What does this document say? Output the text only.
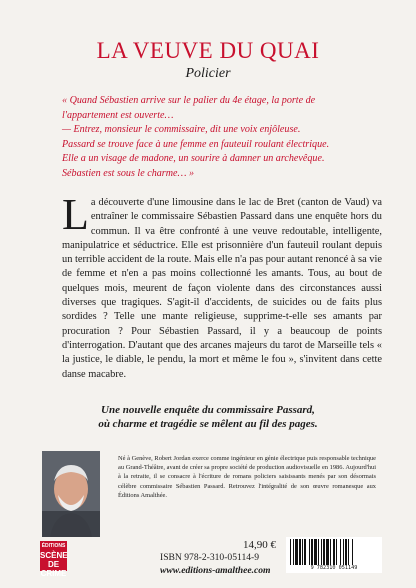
LA VEUVE DU QUAI
Policier
« Quand Sébastien arrive sur le palier du 4e étage, la porte de
l'appartement est ouverte…
— Entrez, monsieur le commissaire, dit une voix enjôleuse.
Passard se trouve face à une femme en fauteuil roulant électrique.
Elle a un visage de madone, un sourire à damner un archevêque.
Sébastien est sous le charme… »
La découverte d'une limousine dans le lac de Bret (canton de Vaud) va entraîner le commissaire Sébastien Passard dans une enquête hors du commun. Il va être confronté à une veuve redoutable, intelligente, manipulatrice et séductrice. Elle est prisonnière d'un fauteuil roulant depuis un terrible accident de la route. Mais elle n'a pas pour autant renoncé à sa vie de femme et n'en a pas moins collectionné les amants. Tous, au bout de quelques mois, meurent de façon violente dans des circonstances aussi diverses que tragiques. S'agit-il d'accidents, de suicides ou de faits plus sordides ? Telle une mante religieuse, supprime-t-elle ses amants par procuration ? Pour Sébastien Passard, il y a beaucoup de points d'interrogation. D'autant que des arcanes majeurs du tarot de Marseille tels « la justice, le diable, le pendu, la mort et même le fou », s'invitent dans cette danse macabre.
Une nouvelle enquête du commissaire Passard,
où charme et tragédie se mêlent au fil des pages.
Né à Genève, Robert Jordan exerce comme ingénieur en génie électrique puis responsable technique au Grand-Théâtre, avant de créer sa propre société de production audiovisuelle en 1986. Aujourd'hui à la retraite, il se consacre à l'écriture de romans policiers saisissants menés par son désormais célèbre commissaire Sébastien Passard. Retrouvez l'intégralité de son œuvre romanesque aux Éditions Amalthée.
ÉDITIONS
SCÈNE DE
CRIME
14,90 €
ISBN 978-2-310-05114-9
www.editions-amalthee.com	9 782310 051149
